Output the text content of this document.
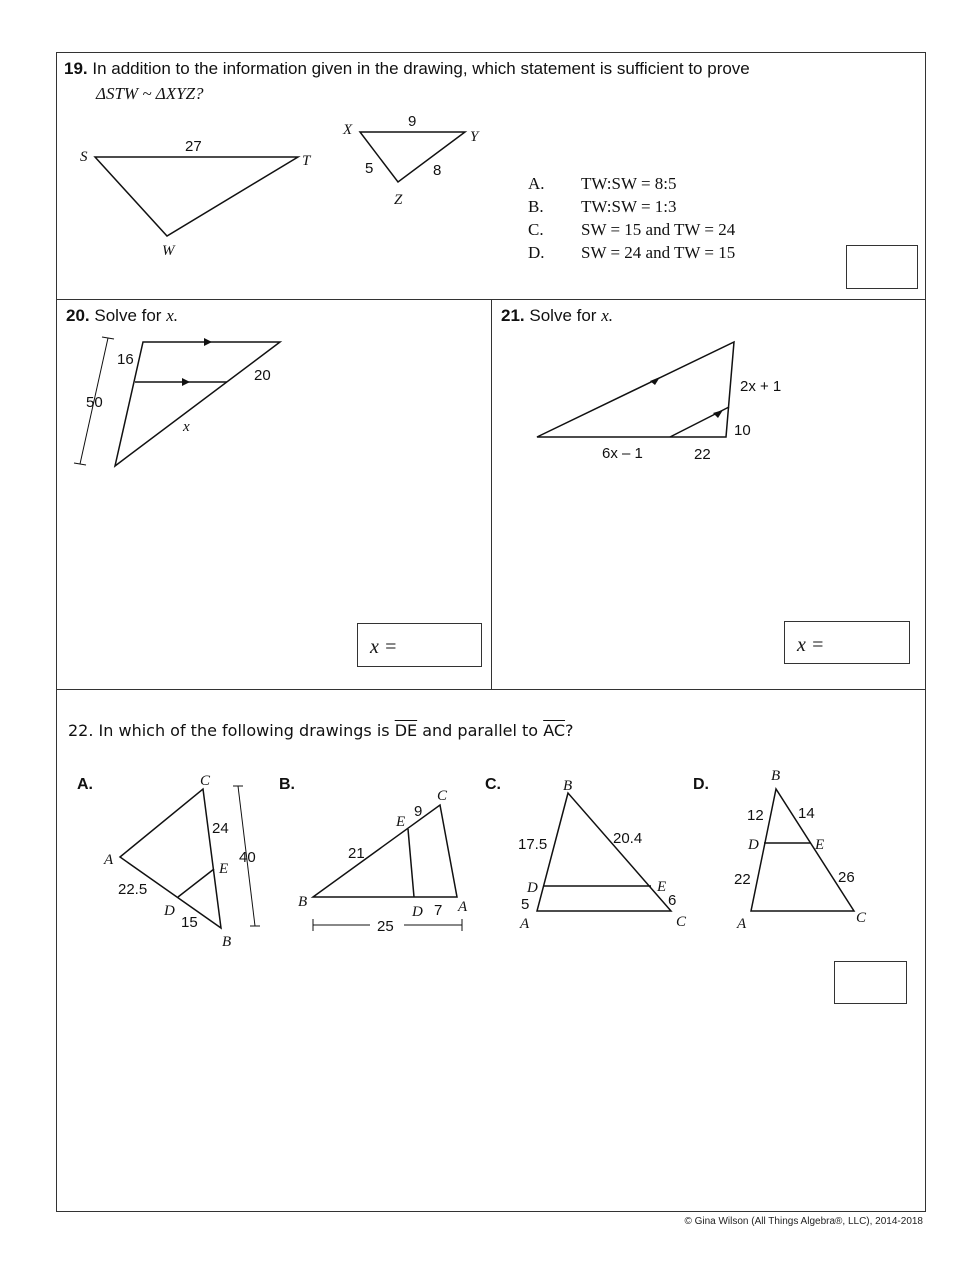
19. In addition to the information given in the drawing, which statement is sufficient to prove
ΔSTW ~ ΔXYZ?
S	T
W
27
X	Y
Z
9
5	8
16
50
20
x
2x + 1
10
6x – 1	22
C
A
E
D
B
24
40
22.5
15
C
E
B
D A
9
21
7
25
B
D	E
A	C
17.5	20.4
5	6
B
D	E
A	C
12 14
22	26
A.	TW:SW = 8:5
B.	TW:SW = 1:3
C.	SW = 15 and TW = 24
D.	SW = 24 and TW = 15
20. Solve for x.
x =
21. Solve for x.
x =
22. In which of the following drawings is $\overline{DE}$ and parallel to $\overline{AC}$?
A.	B.	C.	D.
© Gina Wilson (All Things Algebra®, LLC), 2014-2018
